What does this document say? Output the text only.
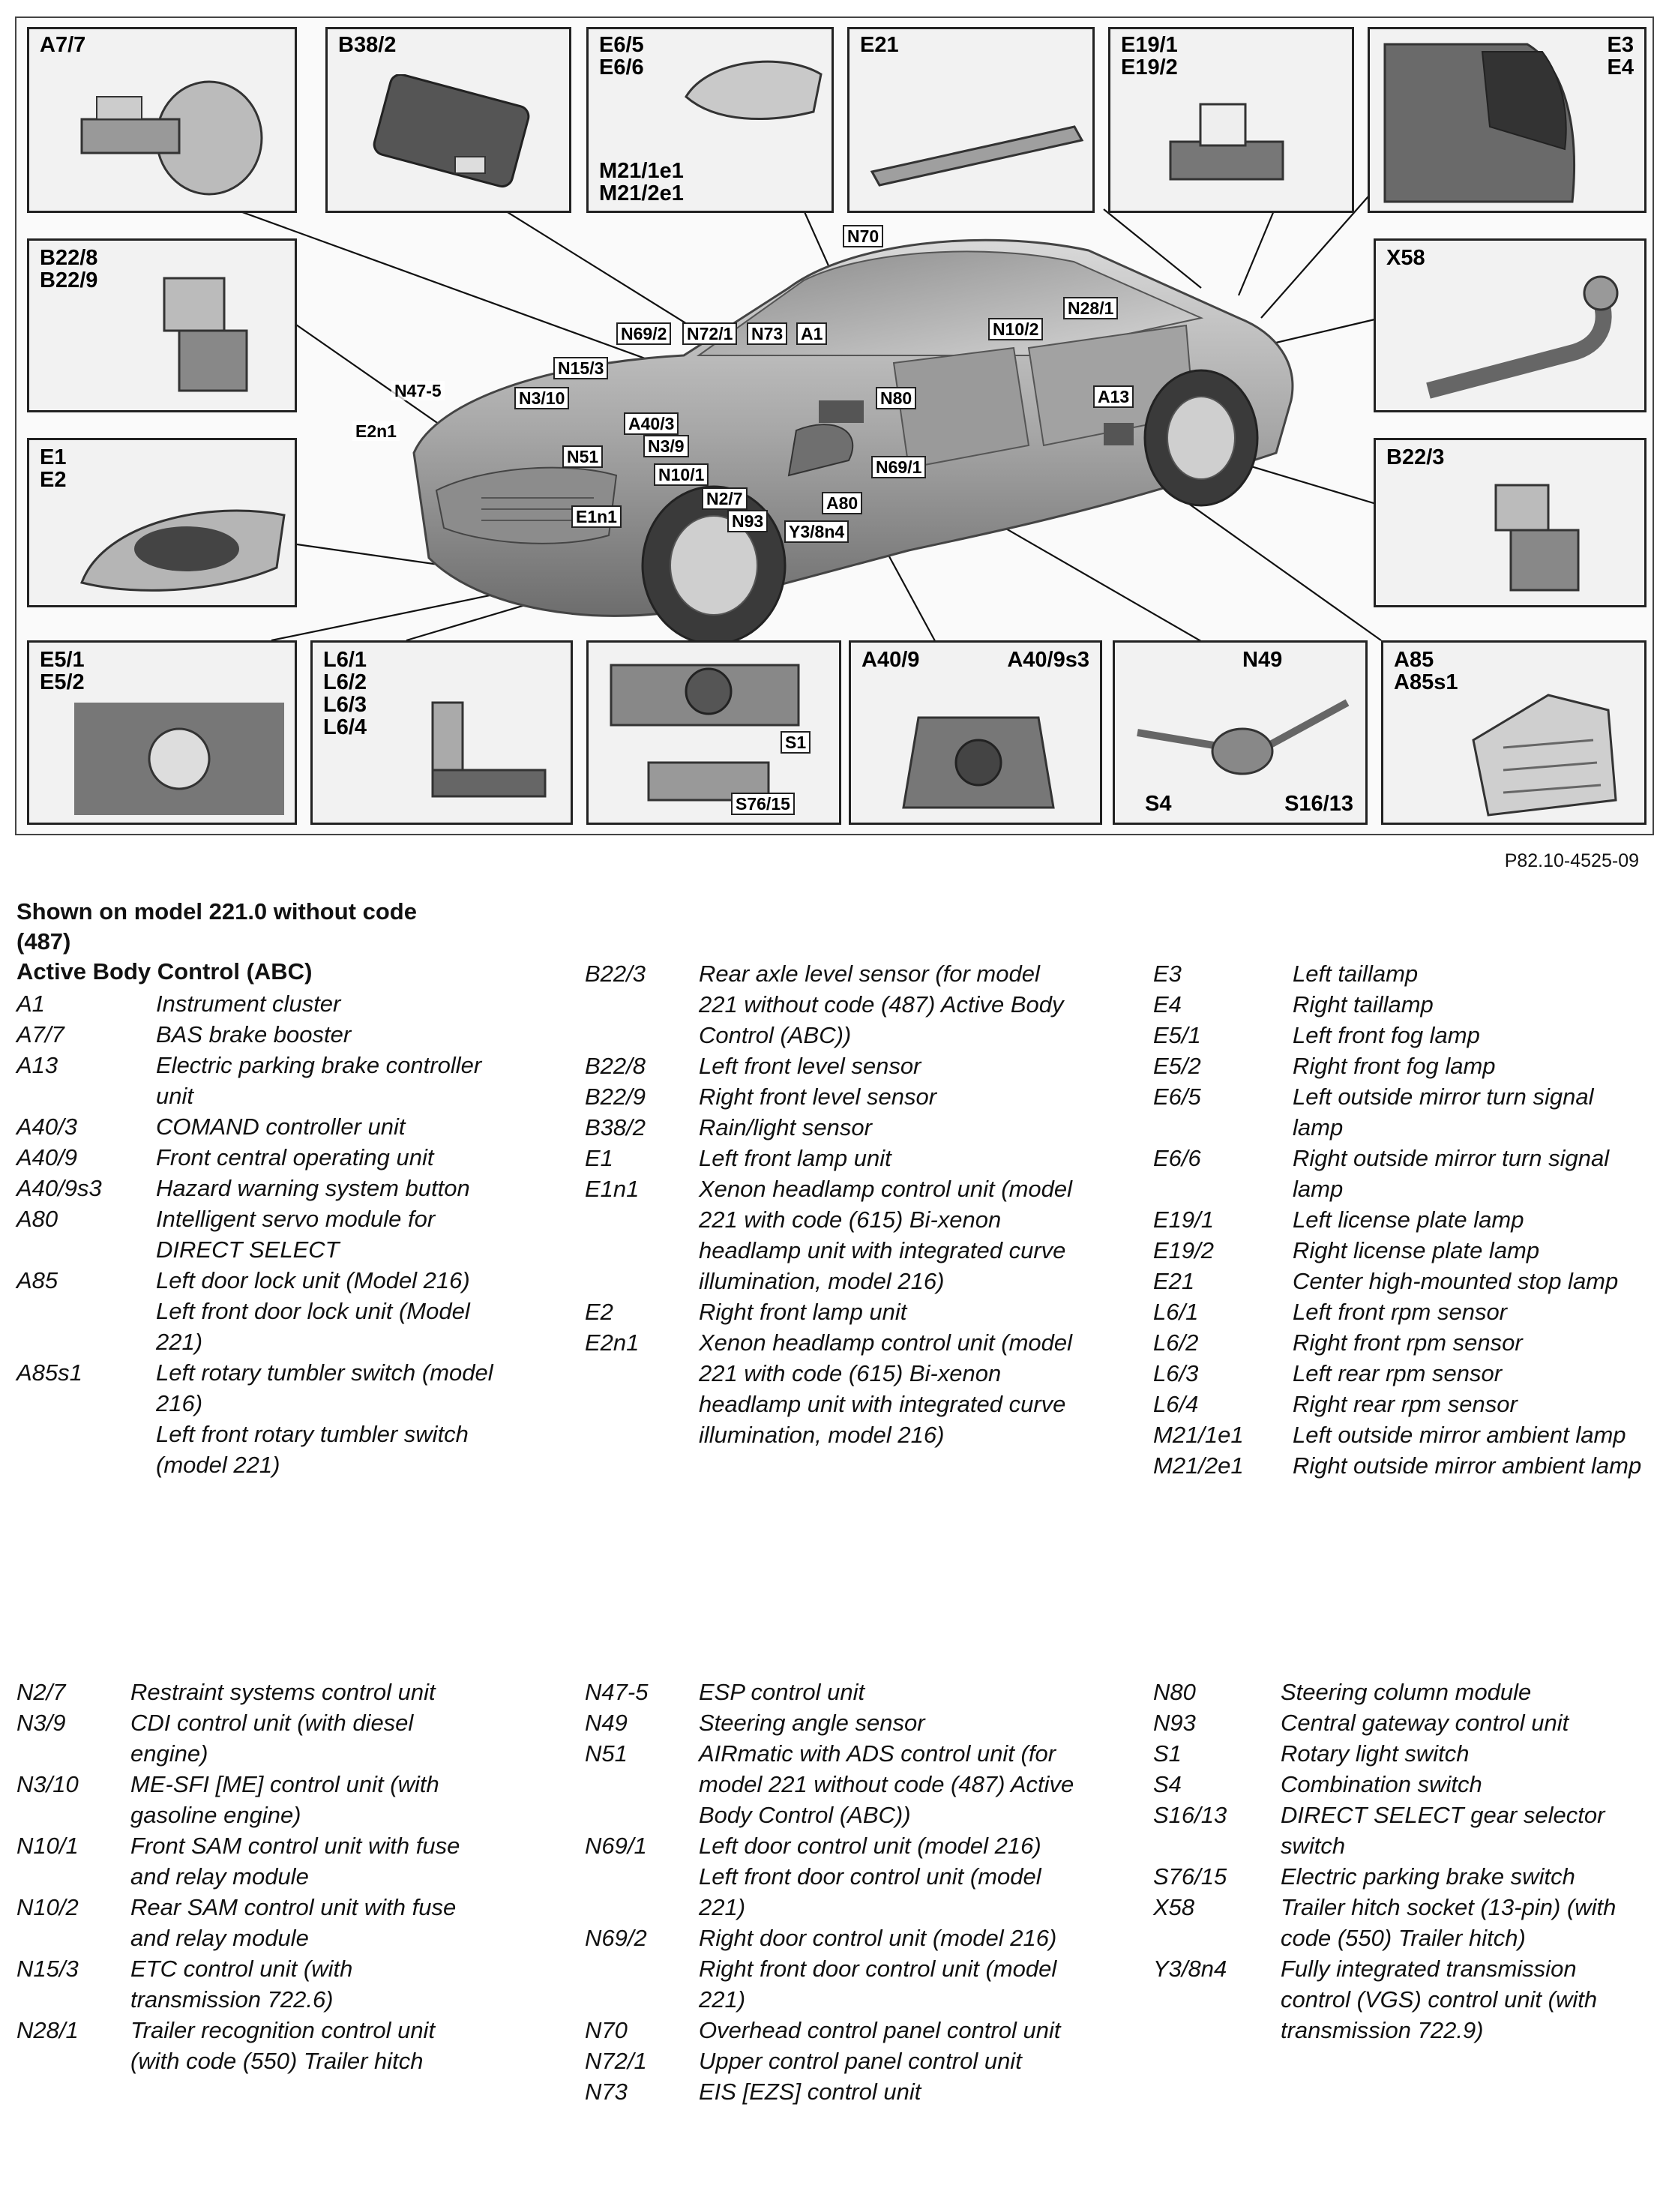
A7/7	B38/2	E6/5
E6/6
M21/1e1
M21/2e1
E21	E19/1
E19/2
E3
E4
B22/8
B22/9
X58
E1
E2
B22/3
E5/1
E5/2
L6/1
L6/2
L6/3
L6/4
S1
S76/15
A40/9	A40/9s3	N49
S4	S16/13
A85
A85s1
N70
N28/1
N69/2 N72/1 N73 A1	N10/2
N15/3
N47-5	N3/10	N80	A13
E2n1	A40/3
N3/9
N51
N10/1	N69/1
N2/7	A80
E1n1	N93
Y3/8n4
P82.10-4525-09
Shown on model 221.0 without code
(487)
Active Body Control (ABC)
A1	Instrument cluster
A7/7	BAS brake booster
A13	Electric parking brake controller unit
A40/3	COMAND controller unit
A40/9	Front central operating unit
A40/9s3	Hazard warning system button
A80	Intelligent servo module for DIRECT SELECT
A85	Left door lock unit (Model 216)
Left front door lock unit (Model 221)
A85s1	Left rotary tumbler switch (model 216)
Left front rotary tumbler switch (model 221)
B22/3	Rear axle level sensor (for model 221 without code (487) Active Body Control (ABC))
B22/8	Left front level sensor
B22/9	Right front level sensor
B38/2	Rain/light sensor
E1	Left front lamp unit
E1n1	Xenon headlamp control unit (model 221 with code (615) Bi-xenon headlamp unit with integrated curve illumination, model 216)
E2	Right front lamp unit
E2n1	Xenon headlamp control unit (model 221 with code (615) Bi-xenon headlamp unit with integrated curve illumination, model 216)
E3	Left taillamp
E4	Right taillamp
E5/1	Left front fog lamp
E5/2	Right front fog lamp
E6/5	Left outside mirror turn signal lamp
E6/6	Right outside mirror turn signal lamp
E19/1	Left license plate lamp
E19/2	Right license plate lamp
E21	Center high-mounted stop lamp
L6/1	Left front rpm sensor
L6/2	Right front rpm sensor
L6/3	Left rear rpm sensor
L6/4	Right rear rpm sensor
M21/1e1	Left outside mirror ambient lamp
M21/2e1	Right outside mirror ambient lamp
N2/7	Restraint systems control unit
N3/9	CDI control unit (with diesel engine)
N3/10	ME-SFI [ME] control unit (with gasoline engine)
N10/1	Front SAM control unit with fuse and relay module
N10/2	Rear SAM control unit with fuse and relay module
N15/3	ETC control unit (with transmission 722.6)
N28/1	Trailer recognition control unit (with code (550) Trailer hitch
N47-5	ESP control unit
N49	Steering angle sensor
N51	AIRmatic with ADS control unit (for model 221 without code (487) Active Body Control (ABC))
N69/1	Left door control unit (model 216)
Left front door control unit (model 221)
N69/2	Right door control unit (model 216)
Right front door control unit (model 221)
N70	Overhead control panel control unit
N72/1	Upper control panel control unit
N73	EIS [EZS] control unit
N80	Steering column module
N93	Central gateway control unit
S1	Rotary light switch
S4	Combination switch
S16/13	DIRECT SELECT gear selector switch
S76/15	Electric parking brake switch
X58	Trailer hitch socket (13-pin) (with code (550) Trailer hitch)
Y3/8n4	Fully integrated transmission control (VGS) control unit (with transmission 722.9)
